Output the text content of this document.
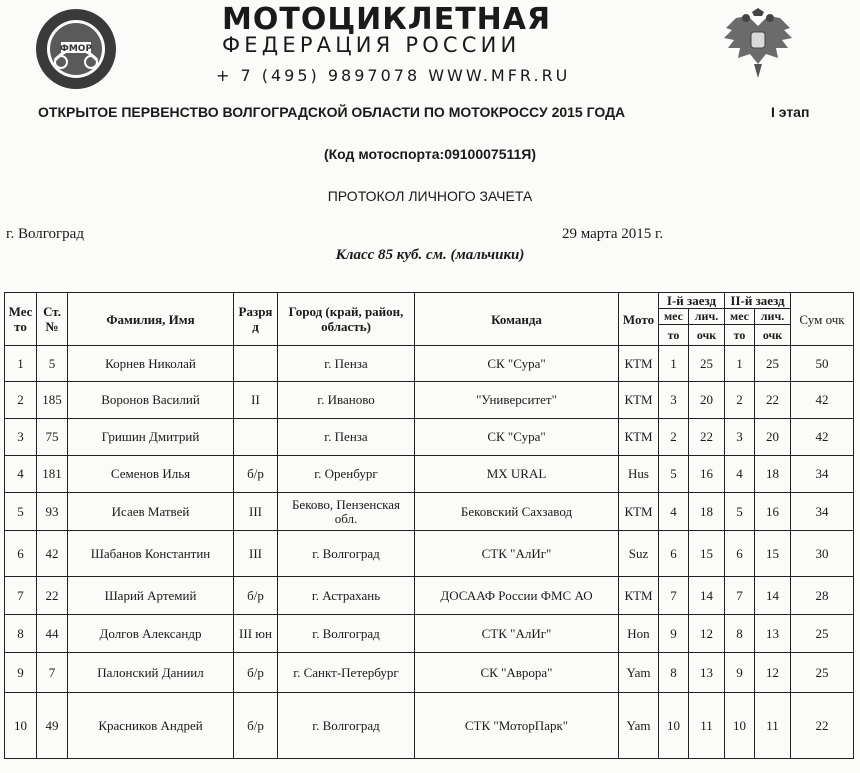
ФМОР
МОТОЦИКЛЕТНАЯ
ФЕДЕРАЦИЯ РОССИИ
+ 7 (495) 9897078 WWW.MFR.RU
ОТКРЫТОЕ ПЕРВЕНСТВО ВОЛГОГРАДСКОЙ ОБЛАСТИ ПО МОТОКРОССУ 2015 ГОДА	I этап
(Код мотоспорта:0910007511Я)
ПРОТОКОЛ ЛИЧНОГО ЗАЧЕТА
г. Волгоград	29 марта 2015 г.
Класс 85 куб. см. (мальчики)
Мес то	Ст. №	Фамилия, Имя	Разря д	Город (край, район, область)	Команда	Мото	I-й заезд		II-й заезд		Сум очк
							мес	лич.	мес	лич.	
							то	очк	то	очк	
1	5	Корнев Николай		г. Пенза	СК "Сура"	КТМ	1	25	1	25	50
2	185	Воронов Василий	II	г. Иваново	"Университет"	КТМ	3	20	2	22	42
3	75	Гришин Дмитрий		г. Пенза	СК "Сура"	КТМ	2	22	3	20	42
4	181	Семенов Илья	б/р	г. Оренбург	MX URAL	Hus	5	16	4	18	34
5	93	Исаев Матвей	III	Беково, Пензенская обл.	Бековский Сахзавод	КТМ	4	18	5	16	34
6	42	Шабанов Константин	III	г. Волгоград	СТК "АлИг"	Suz	6	15	6	15	30
7	22	Шарий Артемий	б/р	г. Астрахань	ДОСААФ России ФМС АО	КТМ	7	14	7	14	28
8	44	Долгов Александр	III юн	г. Волгоград	СТК "АлИг"	Hon	9	12	8	13	25
9	7	Палонский Даниил	б/р	г. Санкт-Петербург	СК "Аврора"	Yam	8	13	9	12	25
10	49	Красников Андрей	б/р	г. Волгоград	СТК "МоторПарк"	Yam	10	11	10	11	22
